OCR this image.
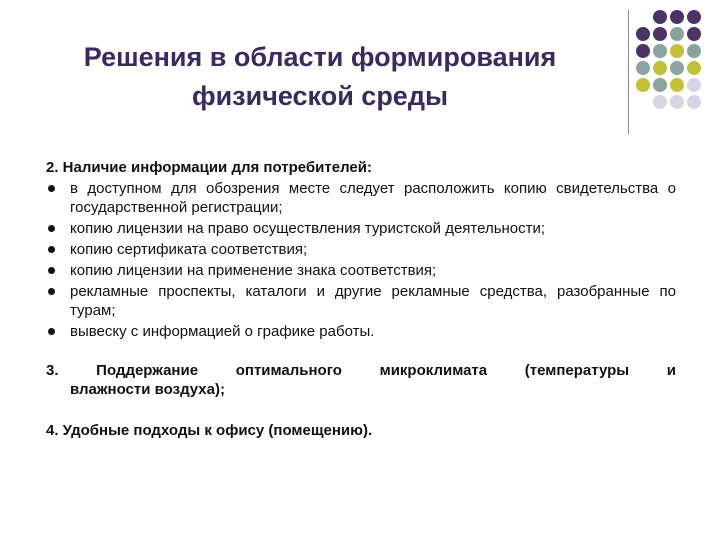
Решения в области формирования
физической среды

2. Наличие информации для потребителей:

в доступном для обозрения месте следует расположить копию свидетельства о государственной регистрации;
копию лицензии на право осуществления туристской деятельности;
копию сертификата соответствия;
копию лицензии на применение знака соответствия;
рекламные проспекты, каталоги и другие рекламные средства, разобранные по турам;
вывеску с информацией о графике работы.
3. Поддержание оптимального микроклимата (температуры и
влажности воздуха);
4. Удобные подходы к офису (помещению).
